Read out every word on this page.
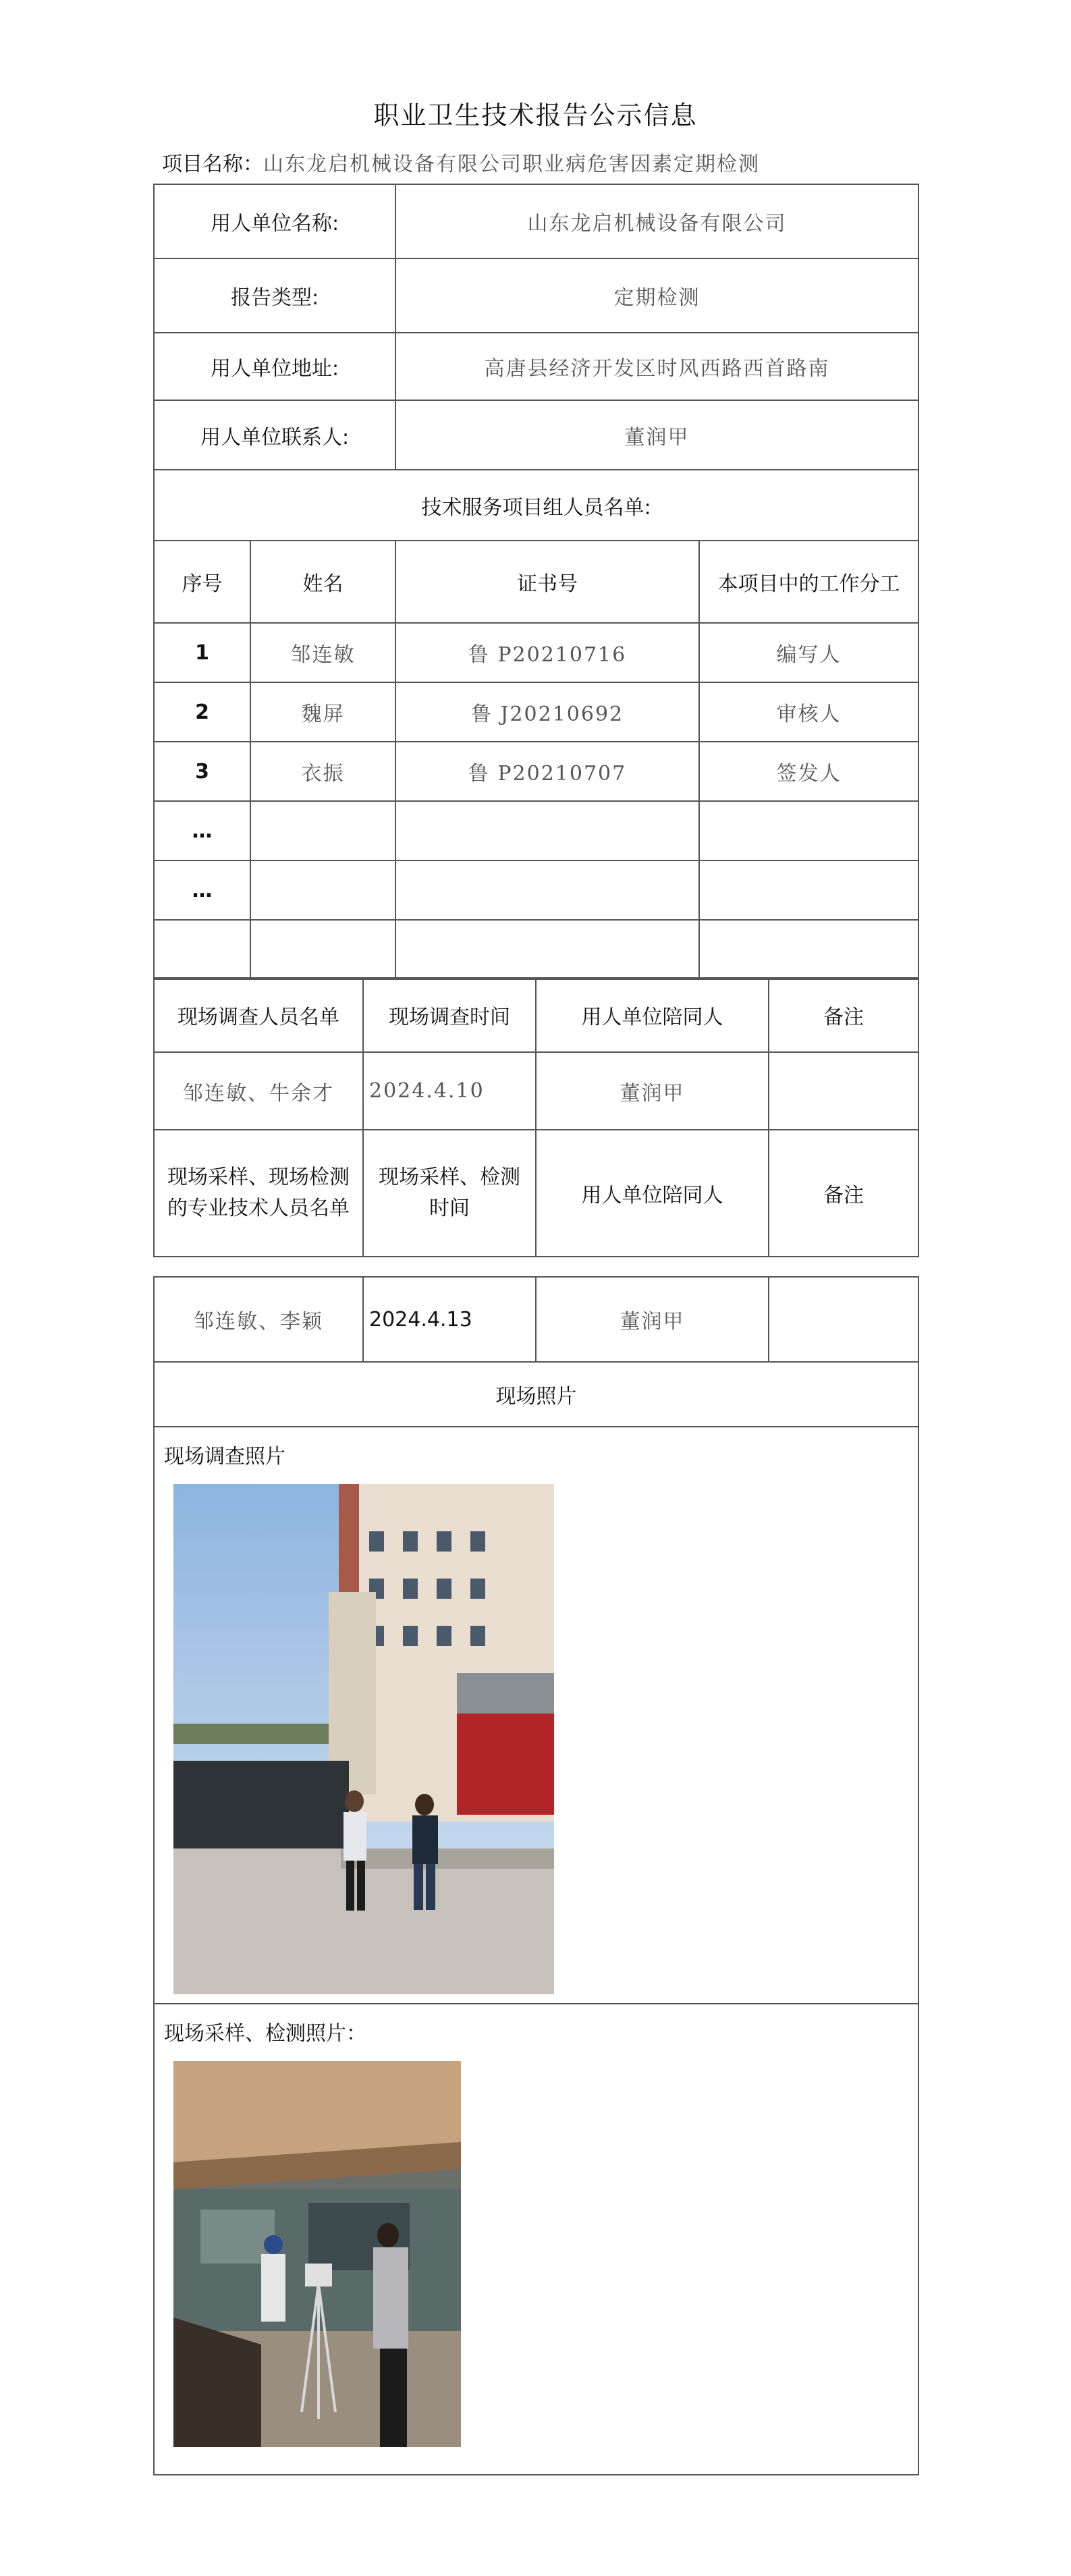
职业卫生技术报告公示信息
项目名称：山东龙启机械设备有限公司职业病危害因素定期检测
用人单位名称:		山东龙启机械设备有限公司	
报告类型:		定期检测	
用人单位地址:		高唐县经济开发区时风西路西首路南	
用人单位联系人:		董润甲	
技术服务项目组人员名单:			
序号	姓名	证书号	本项目中的工作分工
1	邹连敏	鲁 P20210716	编写人
2	魏屏	鲁 J20210692	审核人
3	衣振	鲁 P20210707	签发人
…			
…			

现场调查人员名单	现场调查时间	用人单位陪同人	备注
邹连敏、牛余才	2024.4.10	董润甲	
现场采样、现场检测的专业技术人员名单	现场采样、检测时间	用人单位陪同人	备注
邹连敏、李颖	2024.4.13	董润甲	
现场照片

现场调查照片

现场采样、检测照片：
